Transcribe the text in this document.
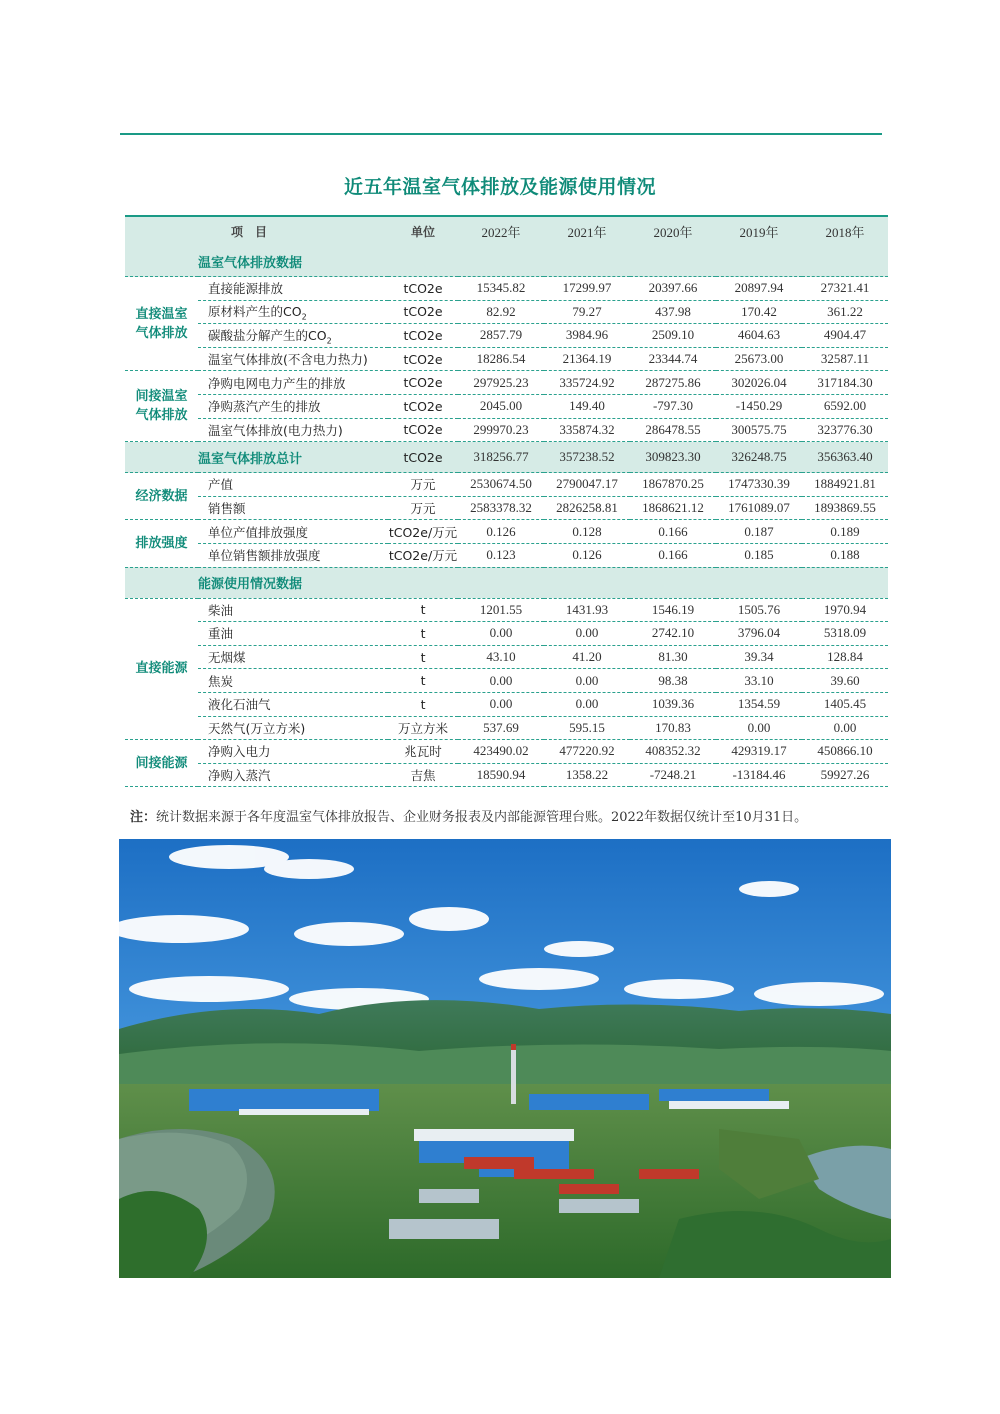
近五年温室气体排放及能源使用情况
项　目		单位	2022年	2021年	2020年	2019年	2018年
	温室气体排放数据						

直接温室
气体排放	直接能源排放	tCO2e	15345.82	17299.97	20397.66	20897.94	27321.41
	原材料产生的$CO_2$	tCO2e	82.92	79.27	437.98	170.42	361.22
	碳酸盐分解产生的$CO_2$	tCO2e	2857.79	3984.96	2509.10	4604.63	4904.47
	温室气体排放(不含电力热力)	tCO2e	18286.54	21364.19	23344.74	25673.00	32587.11

间接温室
气体排放	净购电网电力产生的排放	tCO2e	297925.23	335724.92	287275.86	302026.04	317184.30
	净购蒸汽产生的排放	tCO2e	2045.00	149.40	-797.30	-1450.29	6592.00
	温室气体排放(电力热力)	tCO2e	299970.23	335874.32	286478.55	300575.75	323776.30
	温室气体排放总计	tCO2e	318256.77	357238.52	309823.30	326248.75	356363.40

经济数据	产值	万元	2530674.50	2790047.17	1867870.25	1747330.39	1884921.81
	销售额	万元	2583378.32	2826258.81	1868621.12	1761089.07	1893869.55

排放强度	单位产值排放强度	tCO2e/万元	0.126	0.128	0.166	0.187	0.189
	单位销售额排放强度	tCO2e/万元	0.123	0.126	0.166	0.185	0.188
	能源使用情况数据						

直接能源	柴油	t	1201.55	1431.93	1546.19	1505.76	1970.94
	重油	t	0.00	0.00	2742.10	3796.04	5318.09
	无烟煤	t	43.10	41.20	81.30	39.34	128.84
	焦炭	t	0.00	0.00	98.38	33.10	39.60
	液化石油气	t	0.00	0.00	1039.36	1354.59	1405.45
	天然气(万立方米)	万立方米	537.69	595.15	170.83	0.00	0.00

间接能源	净购入电力	兆瓦时	423490.02	477220.92	408352.32	429319.17	450866.10
	净购入蒸汽	吉焦	18590.94	1358.22	-7248.21	-13184.46	59927.26
注：统计数据来源于各年度温室气体排放报告、企业财务报表及内部能源管理台账。2022年数据仅统计至10月31日。
